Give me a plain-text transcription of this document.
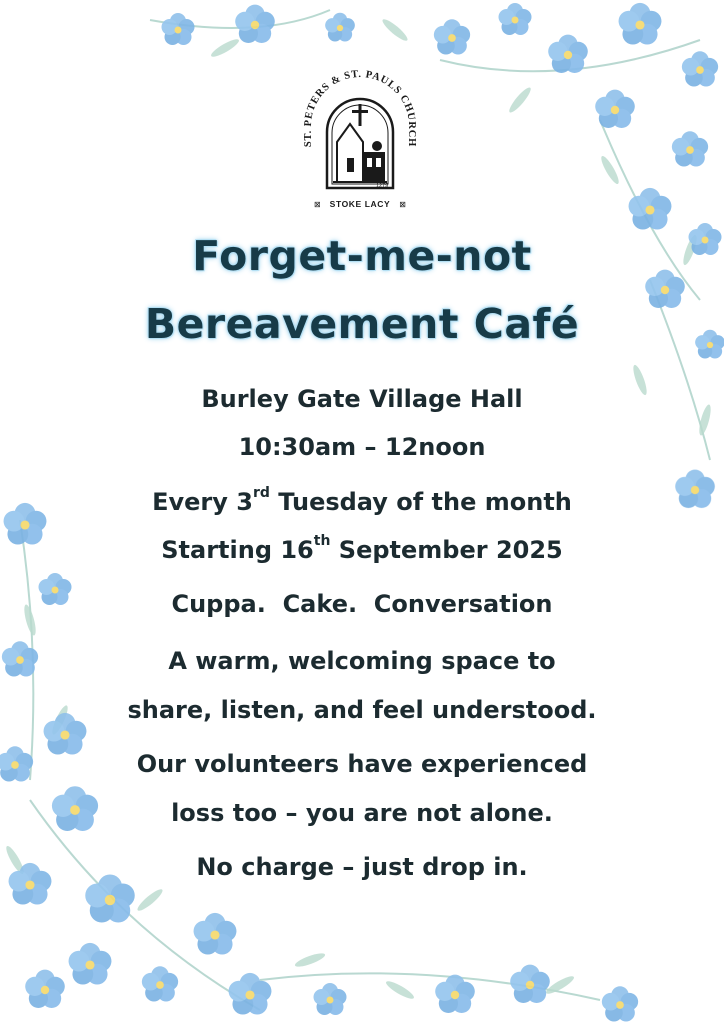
ST. PETERS & ST. PAULS CHURCH
1279
⊠	⊠
STOKE LACY
Forget-me-not
Bereavement Café
Burley Gate Village Hall
10:30am – 12noon
Every 3rd Tuesday of the month
Starting 16th September 2025
Cuppa.  Cake.  Conversation
A warm, welcoming space to
share, listen, and feel understood.
Our volunteers have experienced
loss too – you are not alone.
No charge – just drop in.
